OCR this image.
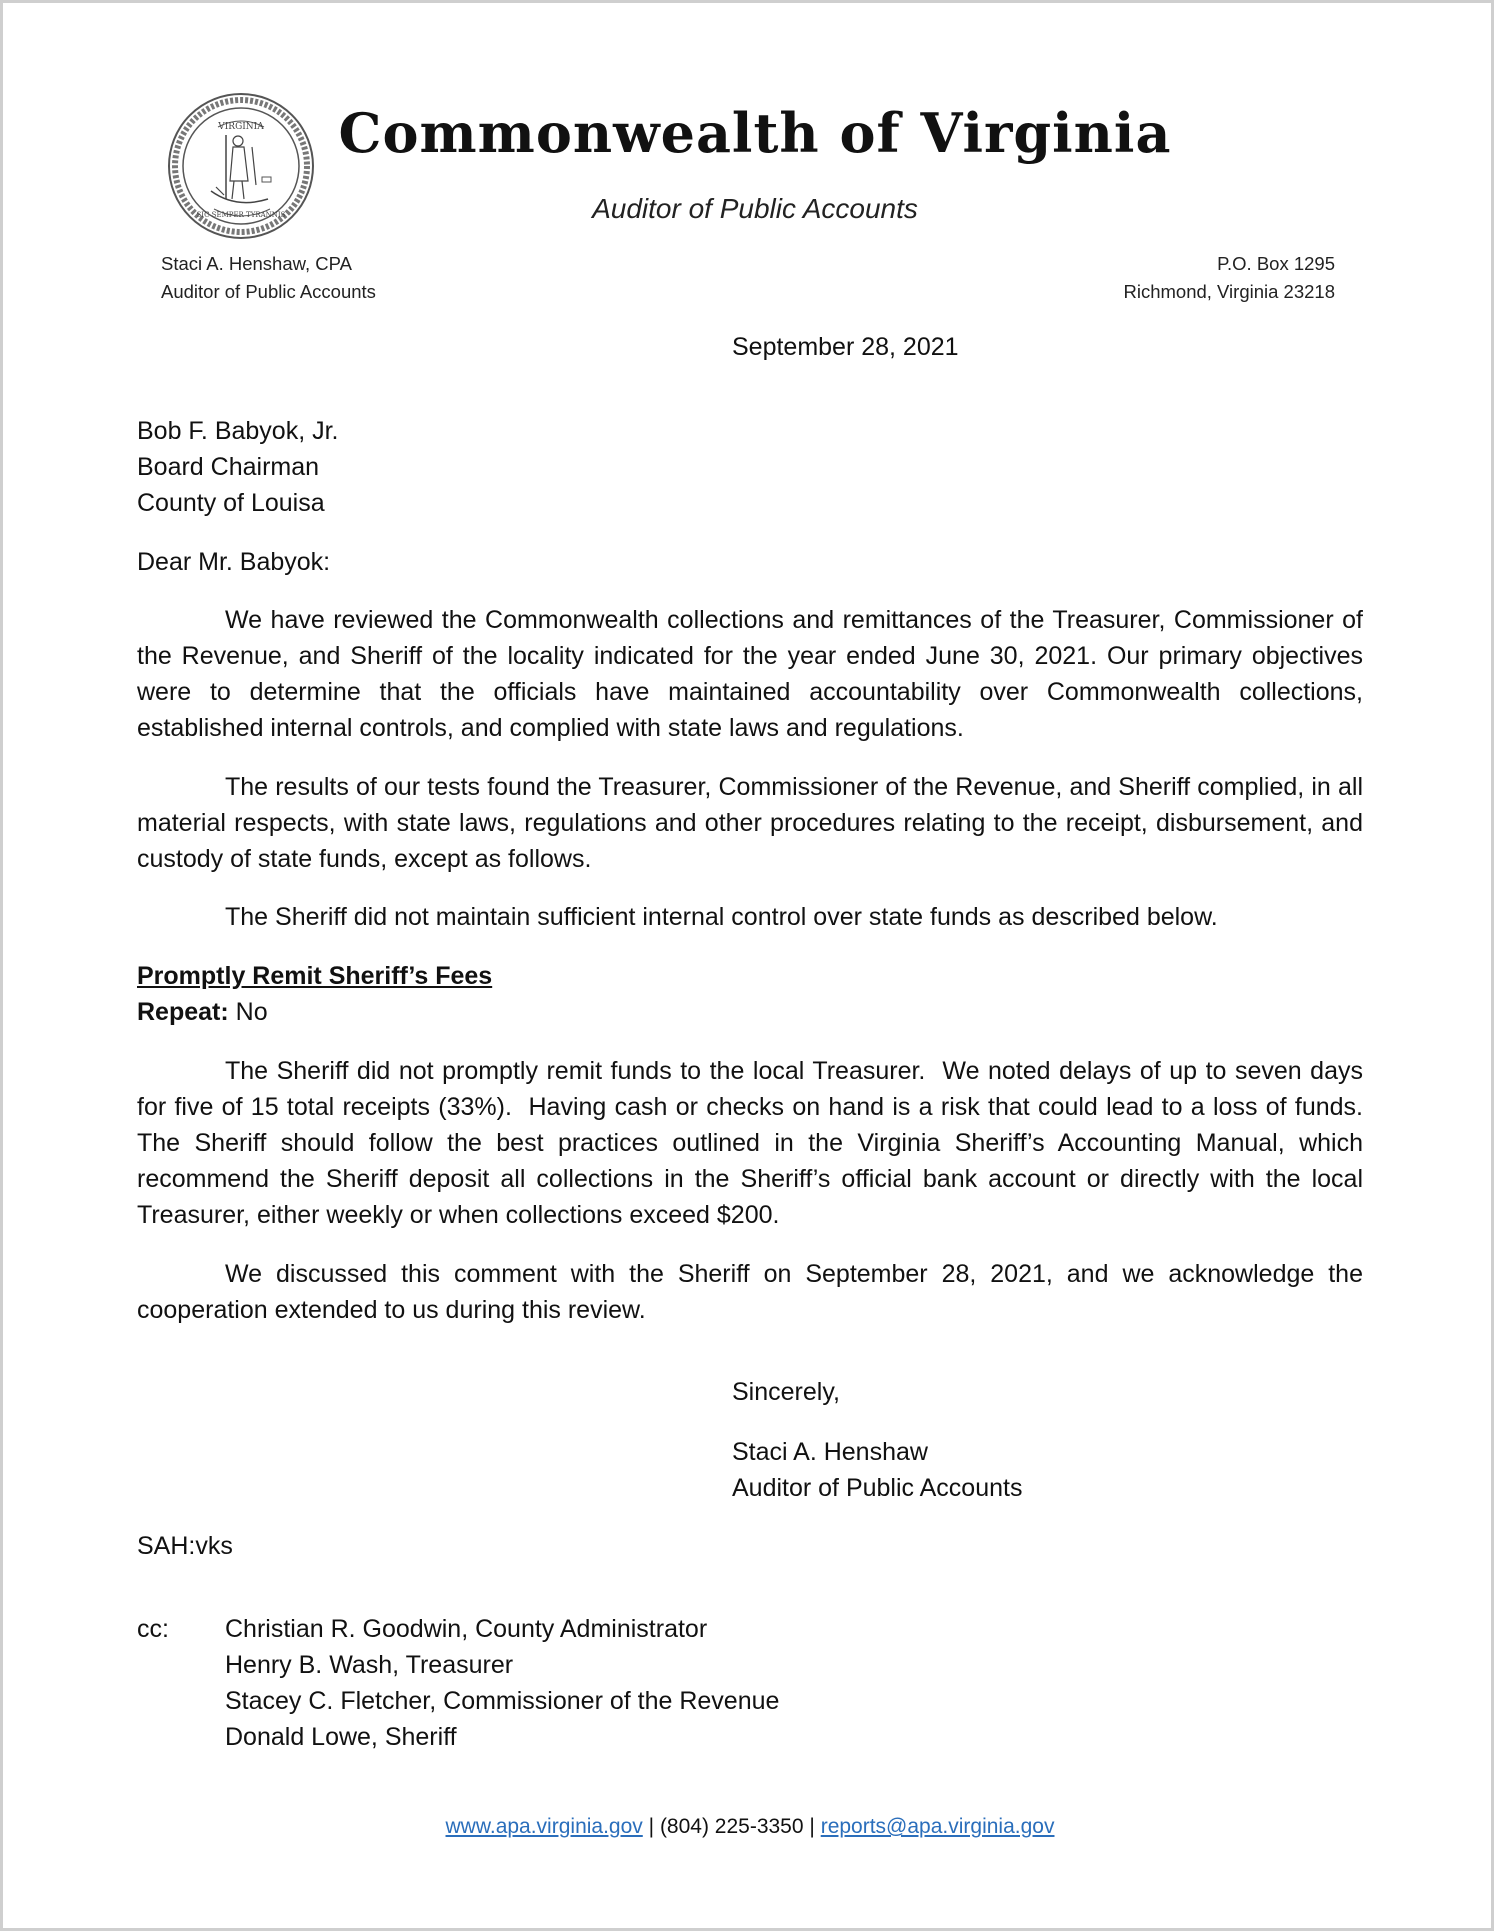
VIRGINIA
SIC SEMPER TYRANNIS
Commonwealth of Virginia
Auditor of Public Accounts
Staci A. Henshaw, CPA
Auditor of Public Accounts
P.O. Box 1295
Richmond, Virginia 23218
September 28, 2021
Bob F. Babyok, Jr.
Board Chairman
County of Louisa
Dear Mr. Babyok:

We have reviewed the Commonwealth collections and remittances of the Treasurer, Commissioner of the Revenue, and Sheriff of the locality indicated for the year ended June 30, 2021. Our primary objectives were to determine that the officials have maintained accountability over Commonwealth collections, established internal controls, and complied with state laws and regulations.

The results of our tests found the Treasurer, Commissioner of the Revenue, and Sheriff complied, in all material respects, with state laws, regulations and other procedures relating to the receipt, disbursement, and custody of state funds, except as follows.

The Sheriff did not maintain sufficient internal control over state funds as described below.

Promptly Remit Sheriff’s Fees
Repeat: No

The Sheriff did not promptly remit funds to the local Treasurer.  We noted delays of up to seven days for five of 15 total receipts (33%).  Having cash or checks on hand is a risk that could lead to a loss of funds.  The Sheriff should follow the best practices outlined in the Virginia Sheriff’s Accounting Manual, which recommend the Sheriff deposit all collections in the Sheriff’s official bank account or directly with the local Treasurer, either weekly or when collections exceed $200.

We discussed this comment with the Sheriff on September 28, 2021, and we acknowledge the cooperation extended to us during this review.

Sincerely,
Staci A. Henshaw
Auditor of Public Accounts
SAH:vks
cc:	Christian R. Goodwin, County Administrator
Henry B. Wash, Treasurer
Stacey C. Fletcher, Commissioner of the Revenue
Donald Lowe, Sheriff
www.apa.virginia.gov | (804) 225-3350 | reports@apa.virginia.gov
